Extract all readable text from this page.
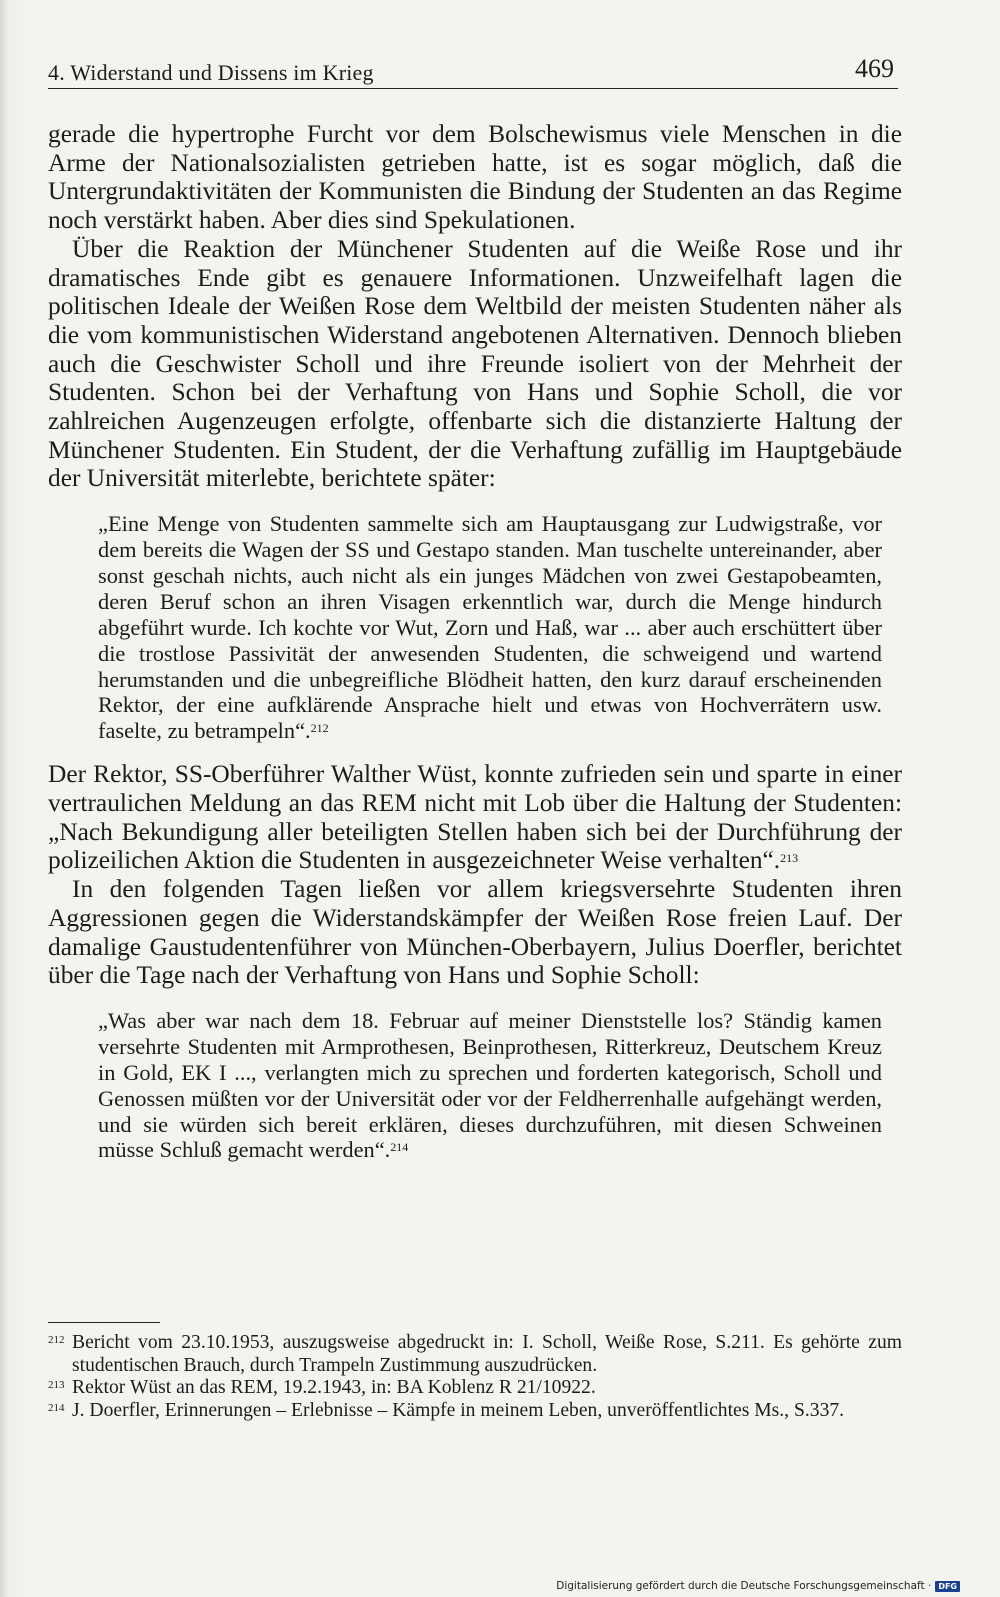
4. Widerstand und Dissens im Krieg	469

gerade die hypertrophe Furcht vor dem Bolschewismus viele Menschen in die Arme der Nationalsozialisten getrieben hatte, ist es sogar möglich, daß die Untergrundaktivitäten der Kommunisten die Bindung der Studenten an das Regime noch verstärkt haben. Aber dies sind Spekulationen.

Über die Reaktion der Münchener Studenten auf die Weiße Rose und ihr dramatisches Ende gibt es genauere Informationen. Unzweifelhaft lagen die politischen Ideale der Weißen Rose dem Weltbild der meisten Studenten näher als die vom kommunistischen Widerstand angebotenen Alternativen. Dennoch blieben auch die Geschwister Scholl und ihre Freunde isoliert von der Mehrheit der Studenten. Schon bei der Verhaftung von Hans und Sophie Scholl, die vor zahlreichen Augenzeugen erfolgte, offenbarte sich die distanzierte Haltung der Münchener Studenten. Ein Student, der die Verhaftung zufällig im Hauptgebäude der Universität miterlebte, berichtete später:

„Eine Menge von Studenten sammelte sich am Hauptausgang zur Ludwigstraße, vor dem bereits die Wagen der SS und Gestapo standen. Man tuschelte untereinander, aber sonst geschah nichts, auch nicht als ein junges Mädchen von zwei Gestapobeamten, deren Beruf schon an ihren Visagen erkenntlich war, durch die Menge hindurch abgeführt wurde. Ich kochte vor Wut, Zorn und Haß, war ... aber auch erschüttert über die trostlose Passivität der anwesenden Studenten, die schweigend und wartend herumstanden und die unbegreifliche Blödheit hatten, den kurz darauf erscheinenden Rektor, der eine aufklärende Ansprache hielt und etwas von Hochverrätern usw. faselte, zu betrampeln“.$^{212}$

Der Rektor, SS-Oberführer Walther Wüst, konnte zufrieden sein und sparte in einer vertraulichen Meldung an das REM nicht mit Lob über die Haltung der Studenten: „Nach Bekundigung aller beteiligten Stellen haben sich bei der Durchführung der polizeilichen Aktion die Studenten in ausgezeichneter Weise verhalten“.$^{213}$

In den folgenden Tagen ließen vor allem kriegsversehrte Studenten ihren Aggressionen gegen die Widerstandskämpfer der Weißen Rose freien Lauf. Der damalige Gaustudentenführer von München-Oberbayern, Julius Doerfler, berichtet über die Tage nach der Verhaftung von Hans und Sophie Scholl:

„Was aber war nach dem 18. Februar auf meiner Dienststelle los? Ständig kamen versehrte Studenten mit Armprothesen, Beinprothesen, Ritterkreuz, Deutschem Kreuz in Gold, EK I ..., verlangten mich zu sprechen und forderten kategorisch, Scholl und Genossen müßten vor der Universität oder vor der Feldherrenhalle aufgehängt werden, und sie würden sich bereit erklären, dieses durchzuführen, mit diesen Schweinen müsse Schluß gemacht werden“.$^{214}$
212 Bericht vom 23.10.1953, auszugsweise abgedruckt in: I. Scholl, Weiße Rose, S.211. Es gehörte zum studentischen Brauch, durch Trampeln Zustimmung auszudrücken.
213 Rektor Wüst an das REM, 19.2.1943, in: BA Koblenz R 21/10922.
214 J. Doerfler, Erinnerungen – Erlebnisse – Kämpfe in meinem Leben, unveröffentlichtes Ms., S.337.
Digitalisierung gefördert durch die Deutsche Forschungsgemeinschaft · DFG
